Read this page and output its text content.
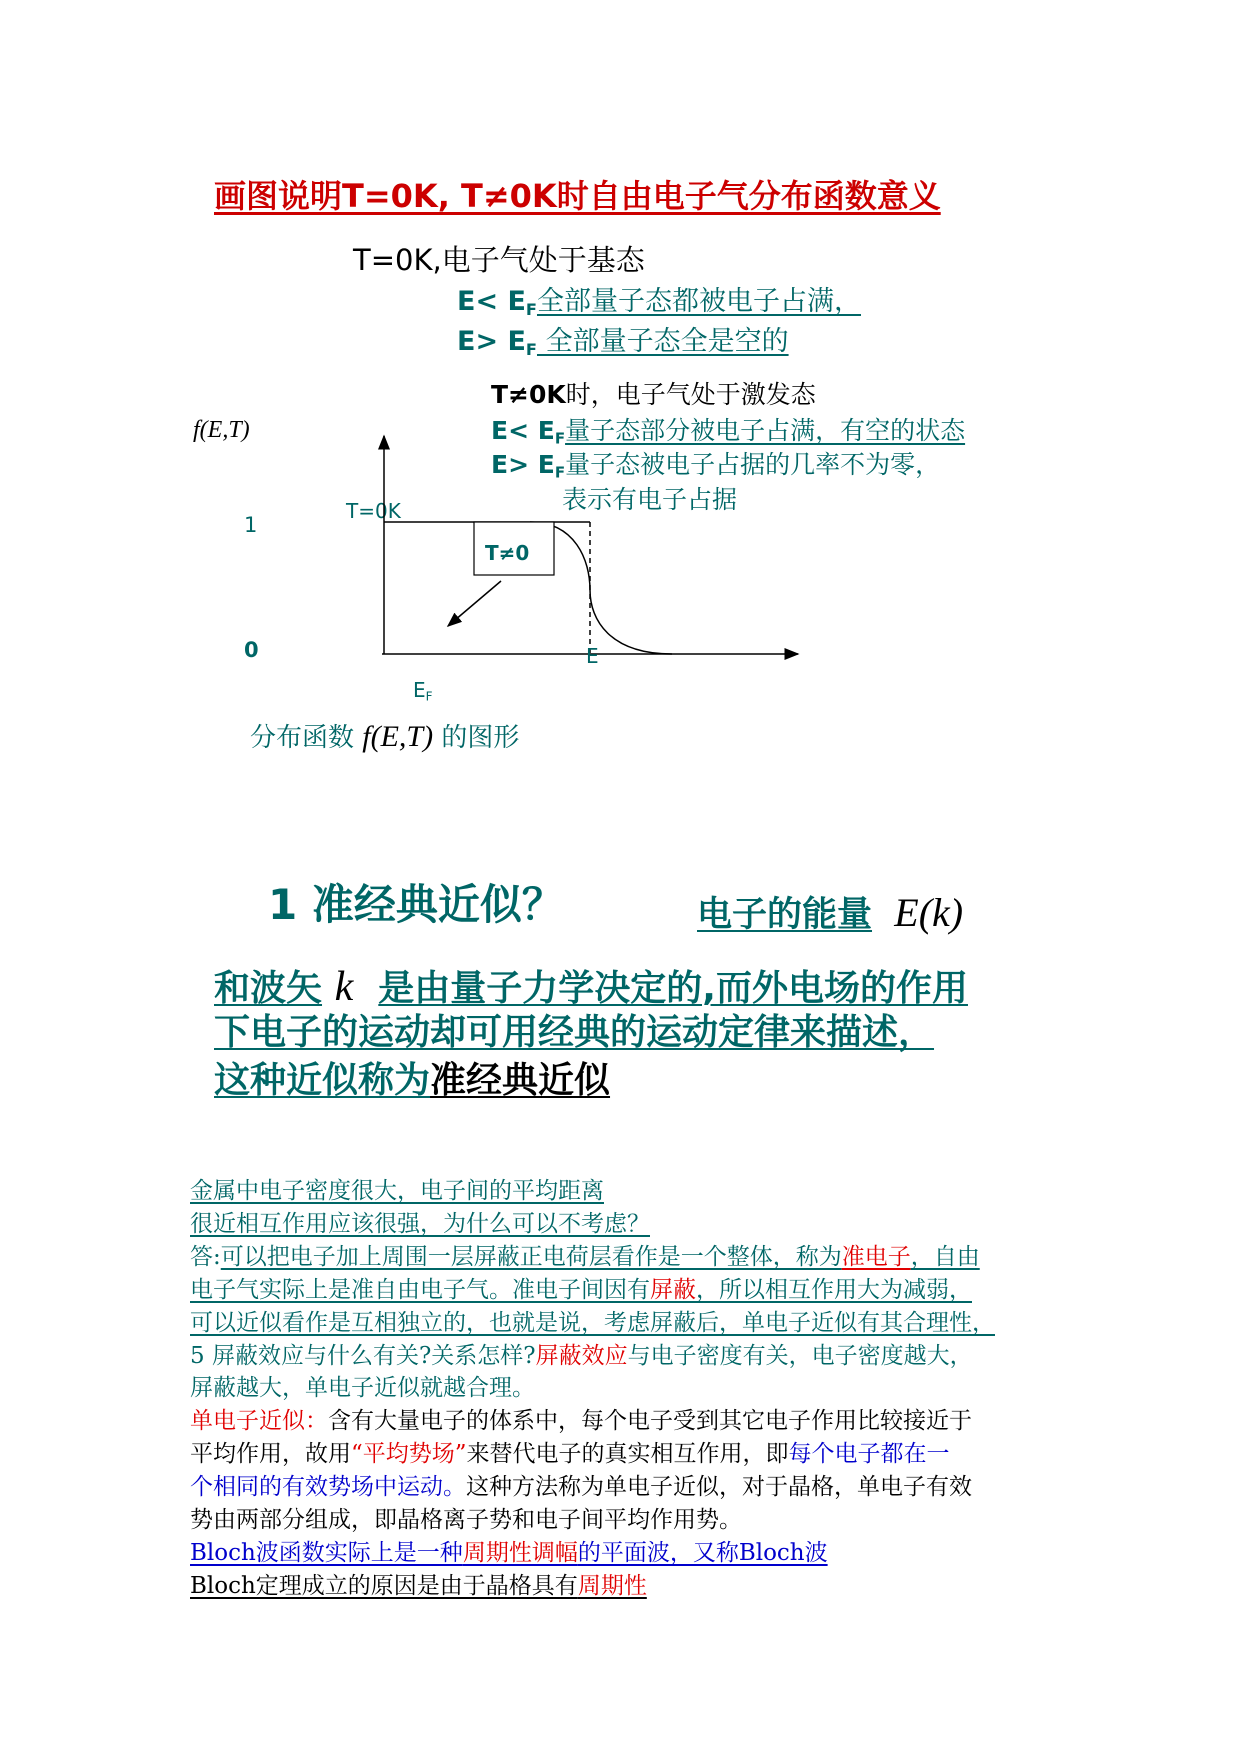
画图说明T=0K, T≠0K时自由电子气分布函数意义
T=0K,电子气处于基态
$E< E_F$全部量子态都被电子占满，
$E> E_F$ 全部量子态全是空的
T≠0K时，电子气处于激发态
$E< E_F$量子态部分被电子占满，有空的状态
$E> E_F$量子态被电子占据的几率不为零，
表示有电子占据
f(E,T)
1
0
T=0K
T≠0
E
$E_F$
分布函数 f(E,T) 的图形
1 准经典近似？	电子的能量 E(k)
和波矢 k 是由量子力学决定的,而外电场的作用
下电子的运动却可用经典的运动定律来描述，
这种近似称为准经典近似
金属中电子密度很大，电子间的平均距离
很近相互作用应该很强，为什么可以不考虑？
答:可以把电子加上周围一层屏蔽正电荷层看作是一个整体，称为准电子，自由
电子气实际上是准自由电子气。准电子间因有屏蔽，所以相互作用大为减弱，
可以近似看作是互相独立的，也就是说，考虑屏蔽后，单电子近似有其合理性，
5 屏蔽效应与什么有关?关系怎样?屏蔽效应与电子密度有关，电子密度越大，
屏蔽越大，单电子近似就越合理。
单电子近似：含有大量电子的体系中，每个电子受到其它电子作用比较接近于
平均作用，故用“平均势场”来替代电子的真实相互作用，即每个电子都在一
个相同的有效势场中运动。这种方法称为单电子近似，对于晶格，单电子有效
势由两部分组成，即晶格离子势和电子间平均作用势。
Bloch波函数实际上是一种周期性调幅的平面波，又称Bloch波
Bloch定理成立的原因是由于晶格具有周期性
